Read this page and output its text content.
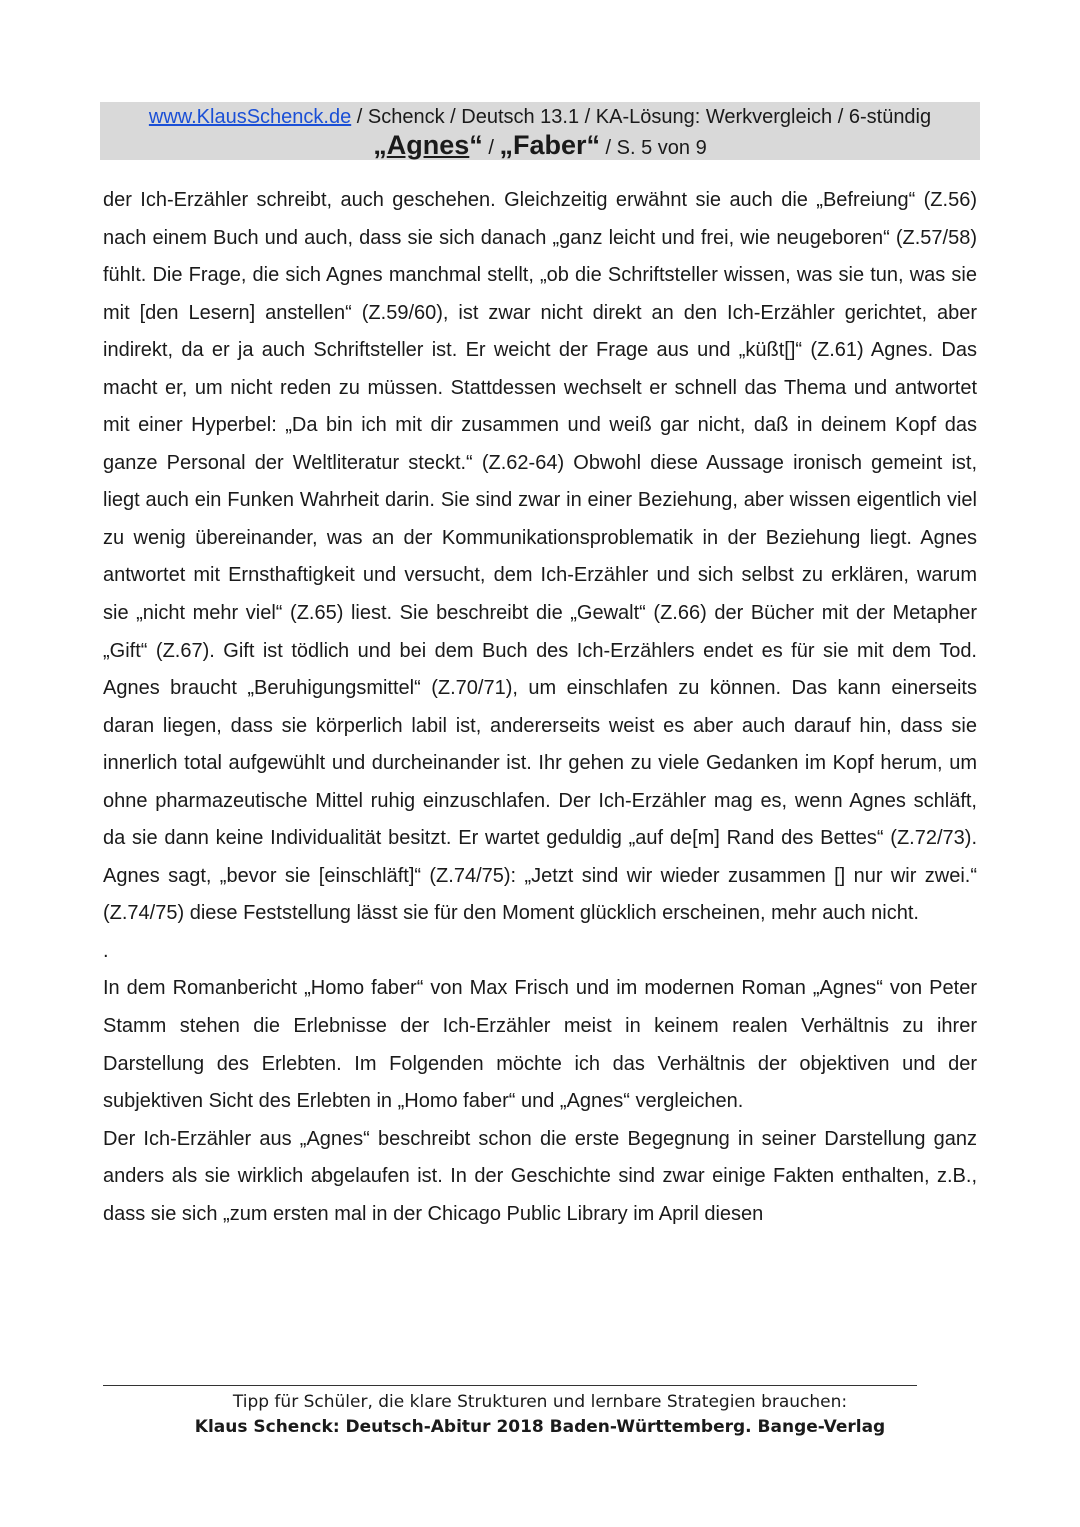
www.KlausSchenck.de / Schenck / Deutsch 13.1 / KA-Lösung: Werkvergleich / 6-stündig
„Agnes“ / „Faber“ / S. 5 von 9

der Ich-Erzähler schreibt, auch geschehen. Gleichzeitig erwähnt sie auch die „Befreiung“ (Z.56) nach einem Buch und auch, dass sie sich danach „ganz leicht und frei, wie neugeboren“ (Z.57/58) fühlt. Die Frage, die sich Agnes manchmal stellt, „ob die Schriftsteller wissen, was sie tun, was sie mit [den Lesern] anstellen“ (Z.59/60), ist zwar nicht direkt an den Ich-Erzähler gerichtet, aber indirekt, da er ja auch Schriftsteller ist. Er weicht der Frage aus und „küßt[]“ (Z.61) Agnes. Das macht er, um nicht reden zu müssen. Stattdessen wechselt er schnell das Thema und antwortet mit einer Hyperbel: „Da bin ich mit dir zusammen und weiß gar nicht, daß in deinem Kopf das ganze Personal der Weltliteratur steckt.“ (Z.62-64) Obwohl diese Aussage ironisch gemeint ist, liegt auch ein Funken Wahrheit darin. Sie sind zwar in einer Beziehung, aber wissen eigentlich viel zu wenig übereinander, was an der Kommunikationsproblematik in der Beziehung liegt. Agnes antwortet mit Ernsthaftigkeit und versucht, dem Ich-Erzähler und sich selbst zu erklären, warum sie „nicht mehr viel“ (Z.65) liest. Sie beschreibt die „Gewalt“ (Z.66) der Bücher mit der Metapher „Gift“ (Z.67). Gift ist tödlich und bei dem Buch des Ich-Erzählers endet es für sie mit dem Tod. Agnes braucht „Beruhigungsmittel“ (Z.70/71), um einschlafen zu können. Das kann einerseits daran liegen, dass sie körperlich labil ist, andererseits weist es aber auch darauf hin, dass sie innerlich total aufgewühlt und durcheinander ist. Ihr gehen zu viele Gedanken im Kopf herum, um ohne pharmazeutische Mittel ruhig einzuschlafen. Der Ich-Erzähler mag es, wenn Agnes schläft, da sie dann keine Individualität besitzt. Er wartet geduldig „auf de[m] Rand des Bettes“ (Z.72/73). Agnes sagt, „bevor sie [einschläft]“ (Z.74/75): „Jetzt sind wir wieder zusammen [] nur wir zwei.“ (Z.74/75) diese Feststellung lässt sie für den Moment glücklich erscheinen, mehr auch nicht.

.

In dem Romanbericht „Homo faber“ von Max Frisch und im modernen Roman „Agnes“ von Peter Stamm stehen die Erlebnisse der Ich-Erzähler meist in keinem realen Verhältnis zu ihrer Darstellung des Erlebten. Im Folgenden möchte ich das Verhältnis der objektiven und der subjektiven Sicht des Erlebten in „Homo faber“ und „Agnes“ vergleichen.

Der Ich-Erzähler aus „Agnes“ beschreibt schon die erste Begegnung in seiner Darstellung ganz anders als sie wirklich abgelaufen ist. In der Geschichte sind zwar einige Fakten enthalten, z.B., dass sie sich „zum ersten mal in der Chicago Public Library im April diesen

Tipp für Schüler, die klare Strukturen und lernbare Strategien brauchen:
Klaus Schenck: Deutsch-Abitur 2018 Baden-Württemberg. Bange-Verlag
